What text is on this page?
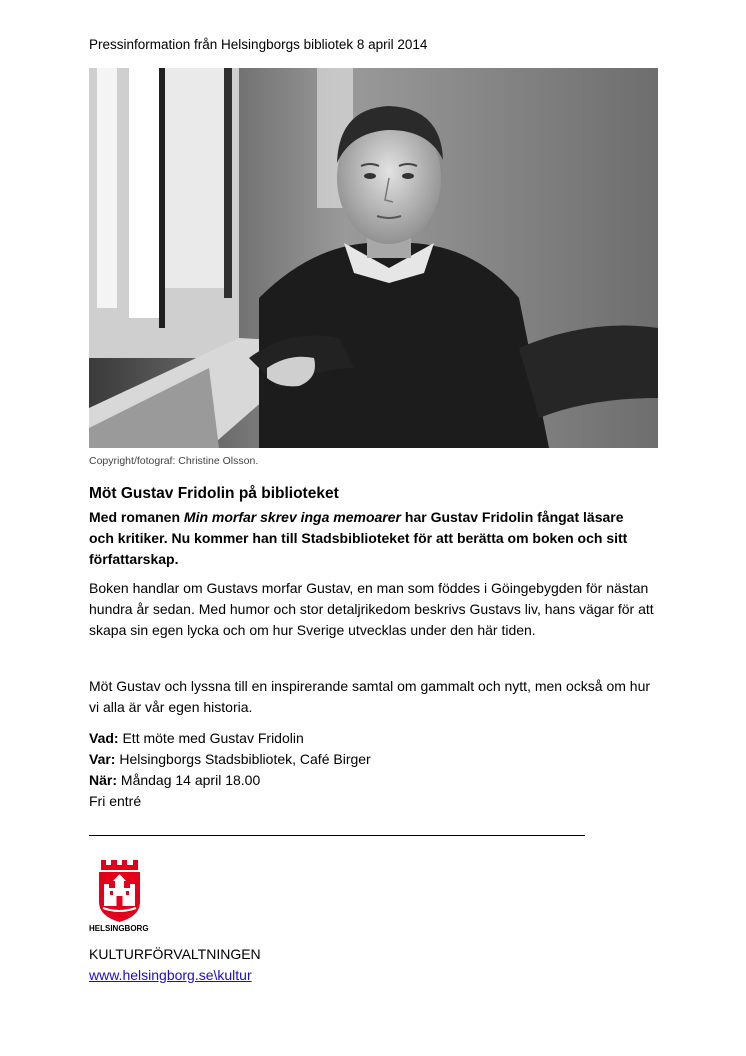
Pressinformation från Helsingborgs bibliotek 8 april 2014
Copyright/fotograf: Christine Olsson.
Möt Gustav Fridolin på biblioteket

Med romanen Min morfar skrev inga memoarer har Gustav Fridolin fångat läsare och kritiker. Nu kommer han till Stadsbiblioteket för att berätta om boken och sitt författarskap.

Boken handlar om Gustavs morfar Gustav, en man som föddes i Göingebygden för nästan hundra år sedan. Med humor och stor detaljrikedom beskrivs Gustavs liv, hans vägar för att skapa sin egen lycka och om hur Sverige utvecklas under den här tiden.

Möt Gustav och lyssna till en inspirerande samtal om gammalt och nytt, men också om hur vi alla är vår egen historia.

Vad: Ett möte med Gustav Fridolin
Var: Helsingborgs Stadsbibliotek, Café Birger
När: Måndag 14 april 18.00
Fri entré
HELSINGBORG
KULTURFÖRVALTNINGEN
www.helsingborg.se\kultur
